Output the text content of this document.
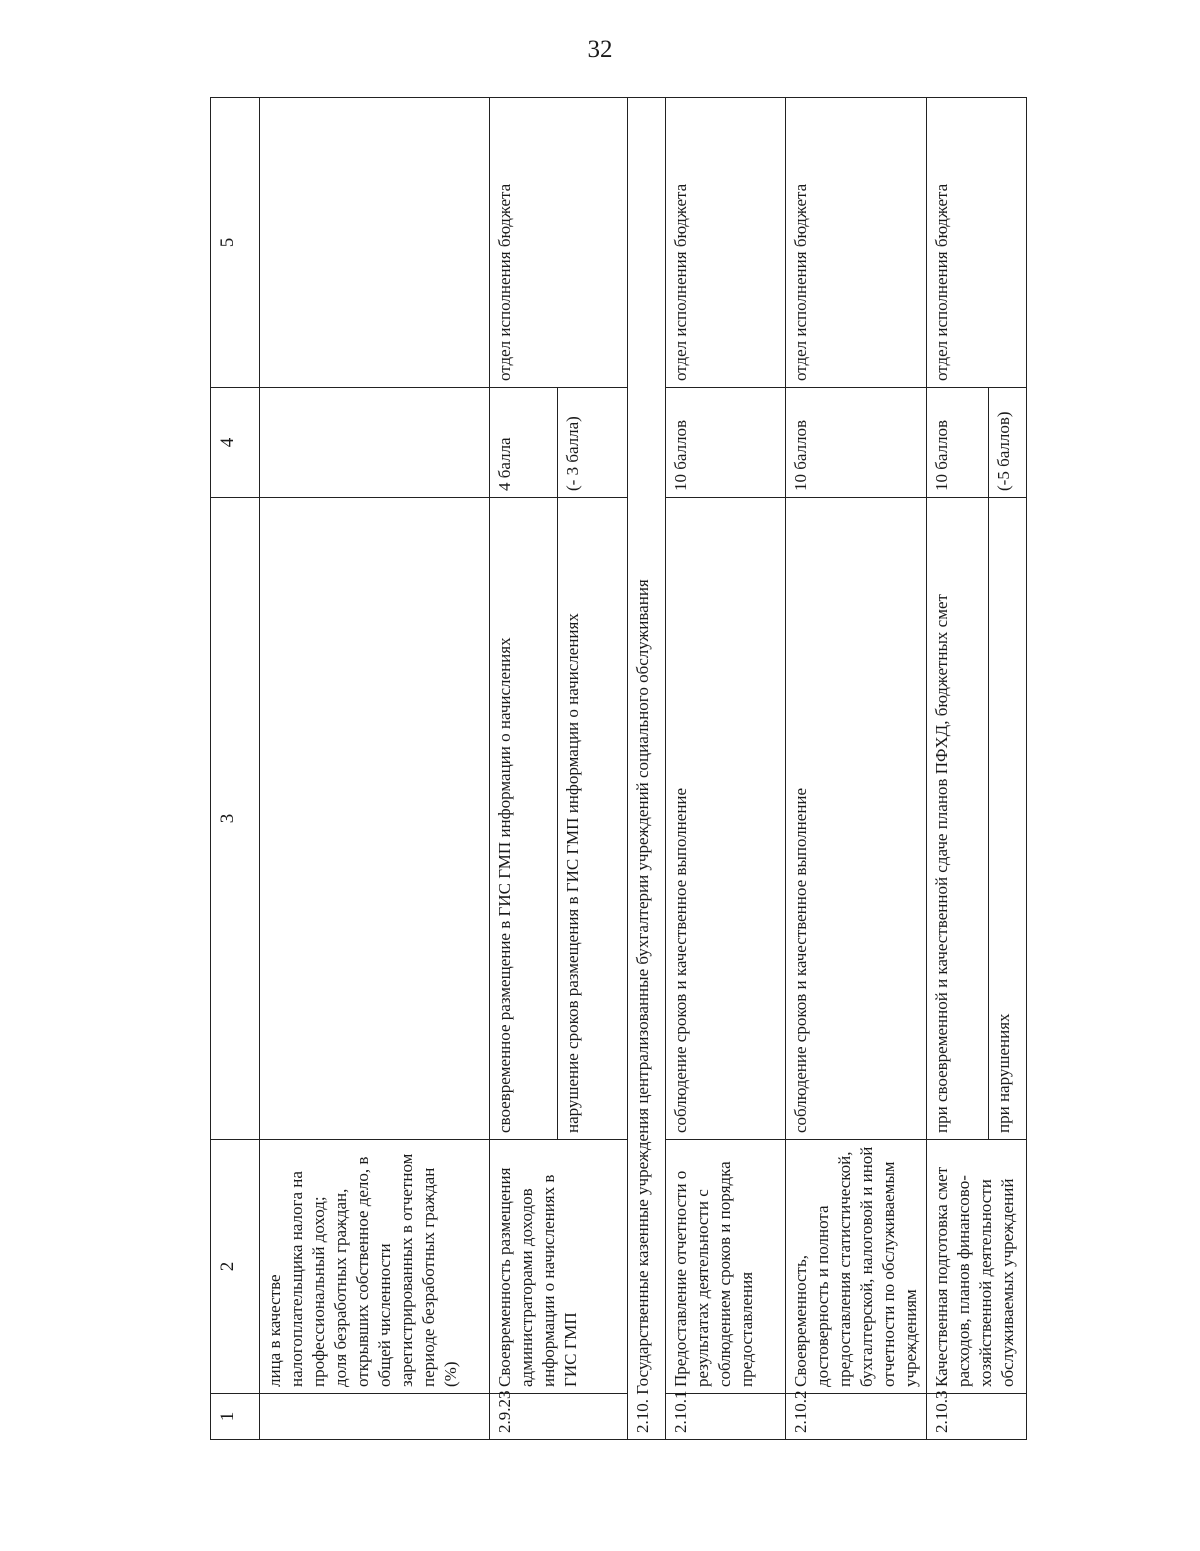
32
1	2	3	4	5
	лица в качестве налогоплательщика налога на профессиональный доход;
доля безработных граждан, открывших собственное дело, в общей численности зарегистрированных в отчетном периоде безработных граждан (%)			
2.9.23	Своевременность размещения администраторами доходов информации о начислениях в ГИС ГМП	своевременное размещение в ГИС ГМП информации о начислениях	4 балла	отдел исполнения бюджета
		нарушение сроков размещения в ГИС ГМП информации о начислениях	(- 3 балла)	
2.10. Государственные казенные учреждения централизованные бухгалтерии учреждений социального обслуживания				
2.10.1	Предоставление отчетности о результатах деятельности с соблюдением сроков и порядка предоставления	соблюдение сроков и качественное выполнение	10 баллов	отдел исполнения бюджета
2.10.2	Своевременность, достоверность и полнота предоставления статистической, бухгалтерской, налоговой и иной отчетности по обслуживаемым учреждениям	соблюдение сроков и качественное выполнение	10 баллов	отдел исполнения бюджета
2.10.3	Качественная подготовка смет расходов, планов финансово-хозяйственной деятельности обслуживаемых учреждений	при своевременной и качественной сдаче планов ПФХД, бюджетных смет	10 баллов	отдел исполнения бюджета
		при нарушениях	(-5 баллов)	
